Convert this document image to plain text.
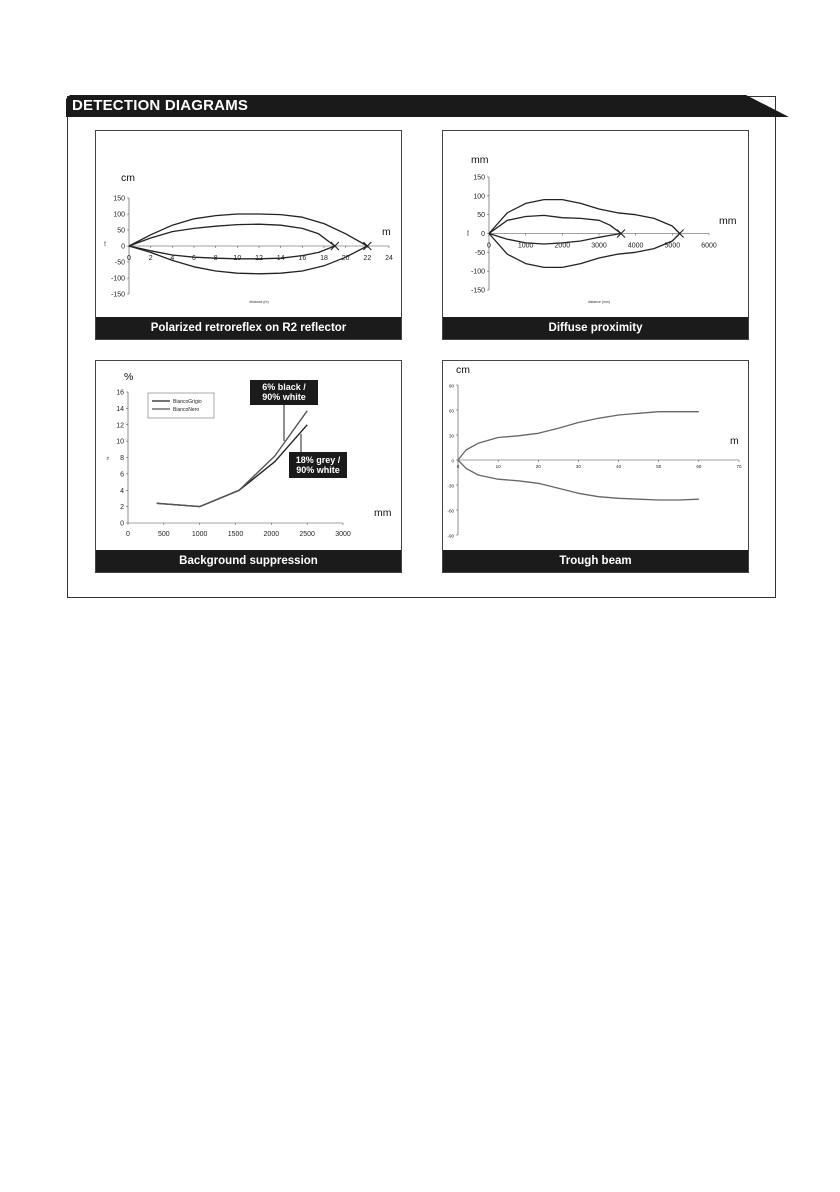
DETECTION DIAGRAMS
0	2	4	6	8 10 12 14 16 18 20 22 24
150
100
50
0
-50
-100
-150
cm
m
cm
distance (m)
Polarized retroreflex on R2 reflector
0	1000	2000	3000	4000	5000	6000
150
100
50
0
-50
-100
-150
mm
mm
mm
distance (mm)
Diffuse proximity
0	500	1000	1500	2000	2500	3000
0
2
4
6
8
10
12
14
16
%
mm
%
BiancoGrigio
BiancoNero
6% black /
90% white
18% grey /
90% white
Background suppression
0	10	20	30	40	50	60	70
90
60
30
0
-30
-60
-90
cm
m
Trough beam
